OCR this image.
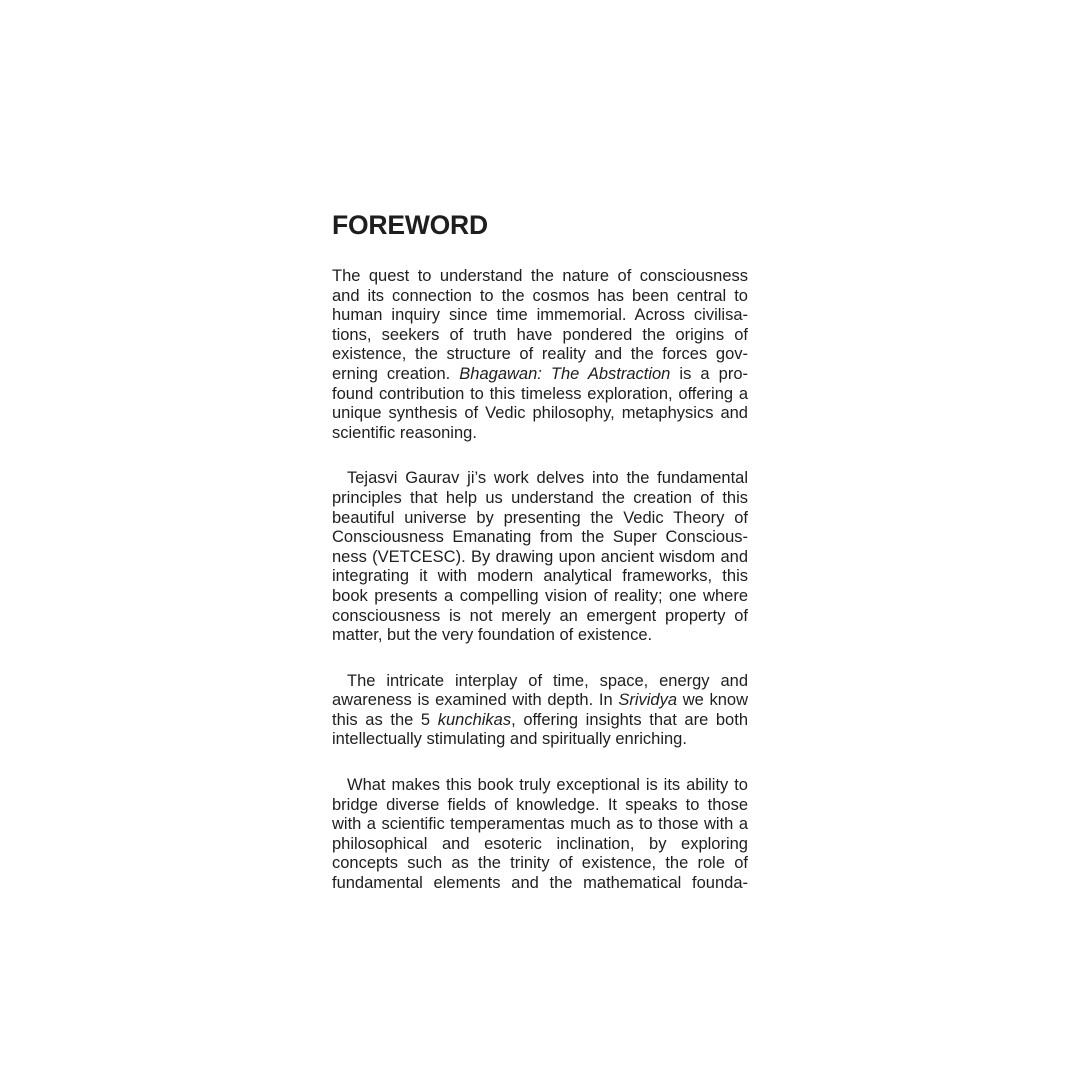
FOREWORD

The quest to understand the nature of consciousness and its connection to the cosmos has been central to human inquiry since time immemorial. Across civilisations, seekers of truth have pondered the origins of existence, the structure of reality and the forces governing creation. Bhagawan: The Abstraction is a profound contribution to this timeless exploration, offering a unique synthesis of Vedic philosophy, metaphysics and scientific reasoning.

Tejasvi Gaurav ji’s work delves into the fundamental principles that help us understand the creation of this beautiful universe by presenting the Vedic Theory of Consciousness Emanating from the Super Consciousness (VETCESC). By drawing upon ancient wisdom and integrating it with modern analytical frameworks, this book presents a compelling vision of reality; one where consciousness is not merely an emergent property of matter, but the very foundation of existence.

The intricate interplay of time, space, energy and awareness is examined with depth. In Srividya we know this as the 5 kunchikas, offering insights that are both intellectually stimulating and spiritually enriching.

What makes this book truly exceptional is its ability to bridge diverse fields of knowledge. It speaks to those with a scientific temperamentas much as to those with a philosophical and esoteric inclination, by exploring concepts such as the trinity of existence, the role of fundamental elements and the mathematical founda-
